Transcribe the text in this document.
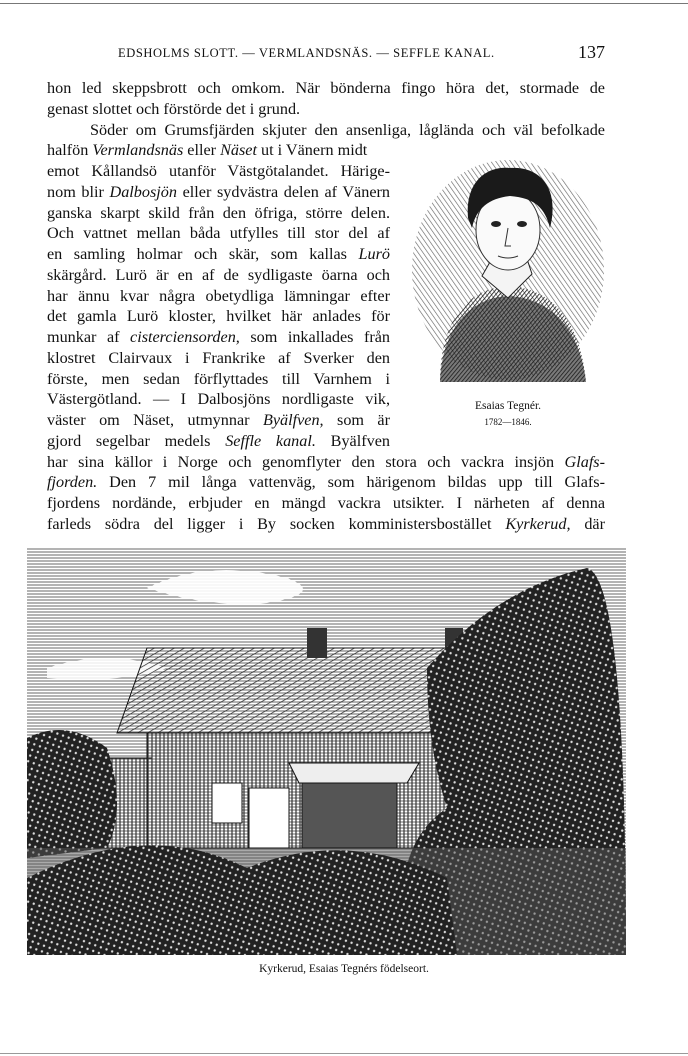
EDSHOLMS SLOTT. — VERMLANDSNÄS. — SEFFLE KANAL.	137
hon led skeppsbrott och omkom. När bönderna fingo höra det, stormade de
genast slottet och förstörde det i grund.
Söder om Grumsfjärden skjuter den ansenliga, låglända och väl befolkade
halfön Vermlandsnäs eller Näset ut i Vänern midt
emot Kållandsö utanför Västgötalandet. Härige-
nom blir Dalbosjön eller sydvästra delen af Vänern
ganska skarpt skild från den öfriga, större delen.
Och vattnet mellan båda utfylles till stor del af
en samling holmar och skär, som kallas Lurö
skärgård. Lurö är en af de sydligaste öarna och
har ännu kvar några obetydliga lämningar efter
det gamla Lurö kloster, hvilket här anlades för
munkar af cisterciensorden, som inkallades från
klostret Clairvaux i Frankrike af Sverker den
förste, men sedan förflyttades till Varnhem i
Västergötland. — I Dalbosjöns nordligaste vik,
väster om Näset, utmynnar Byälfven, som är
gjord segelbar medels Seffle kanal. Byälfven
har sina källor i Norge och genomflyter den stora och vackra insjön Glafs-
fjorden. Den 7 mil långa vattenväg, som härigenom bildas upp till Glafs-
fjordens nordände, erbjuder en mängd vackra utsikter. I närheten af denna
farleds södra del ligger i By socken komministersbostället Kyrkerud, där
Esaias Tegnér.
1782—1846.
Kyrkerud, Esaias Tegnérs födelseort.
